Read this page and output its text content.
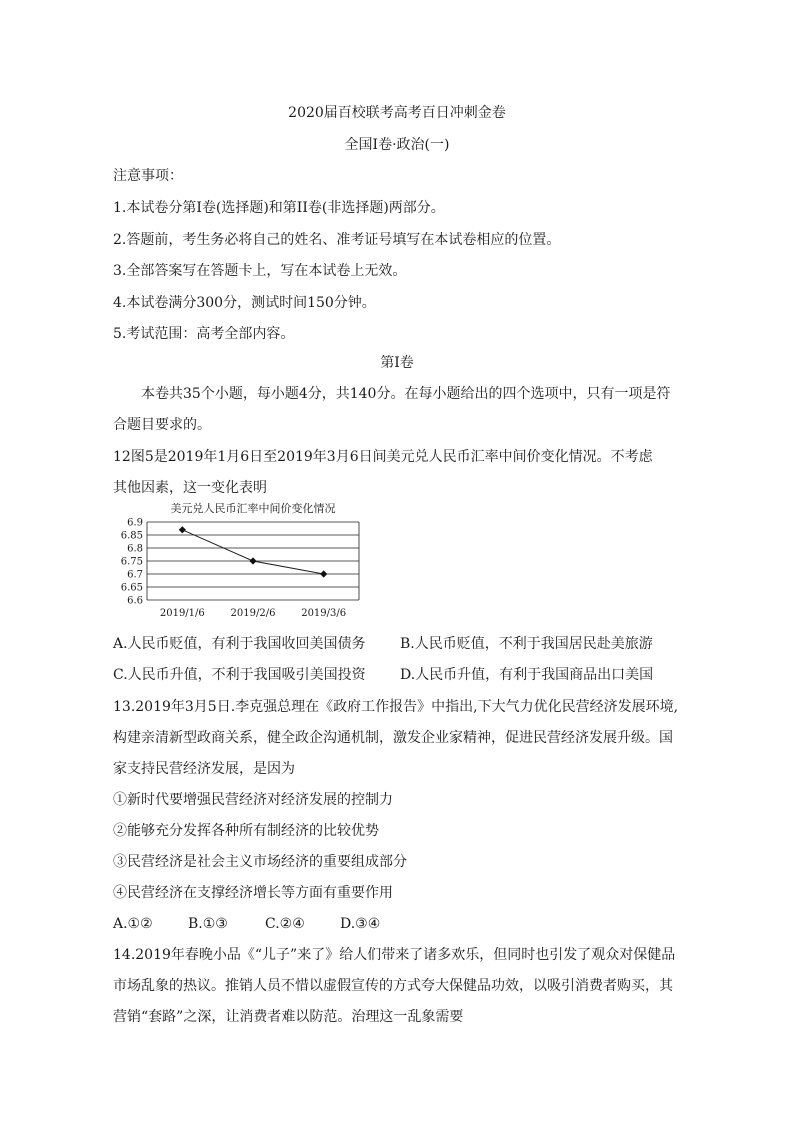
2020届百校联考高考百日冲刺金卷
全国I卷·政治(一)
注意事项：
1.本试卷分第I卷(选择题)和第II卷(非选择题)两部分。
2.答题前，考生务必将自己的姓名、准考证号填写在本试卷相应的位置。
3.全部答案写在答题卡上，写在本试卷上无效。
4.本试卷满分300分，测试时间150分钟。
5.考试范围：高考全部内容。
第I卷
本卷共35个小题，每小题4分，共140分。在每小题给出的四个选项中，只有一项是符
合题目要求的。
12图5是2019年1月6日至2019年3月6日间美元兑人民币汇率中间价变化情况。不考虑
其他因素，这一变化表明
美元兑人民币汇率中间价变化情况
6.9
6.85
6.8
6.75
6.7
6.65
6.6
2019/1/6	2019/2/6	2019/3/6
A.人民币贬值，有利于我国收回美国债务 B.人民币贬值，不利于我国居民赴美旅游
C.人民币升值，不利于我国吸引美国投资 D.人民币升值，有利于我国商品出口美国
13.2019年3月5日.李克强总理在《政府工作报告》中指出,下大气力优化民营经济发展环境,
构建亲清新型政商关系，健全政企沟通机制，激发企业家精神，促进民营经济发展升级。国
家支持民营经济发展，是因为
①新时代要增强民营经济对经济发展的控制力
②能够充分发挥各种所有制经济的比较优势
③民营经济是社会主义市场经济的重要组成部分
④民营经济在支撑经济增长等方面有重要作用
A.①②	B.①③	C.②④	D.③④
14.2019年春晚小品《“儿子”来了》给人们带来了诸多欢乐，但同时也引发了观众对保健品
市场乱象的热议。推销人员不惜以虚假宣传的方式夸大保健品功效，以吸引消费者购买，其
营销“套路”之深，让消费者难以防范。治理这一乱象需要
